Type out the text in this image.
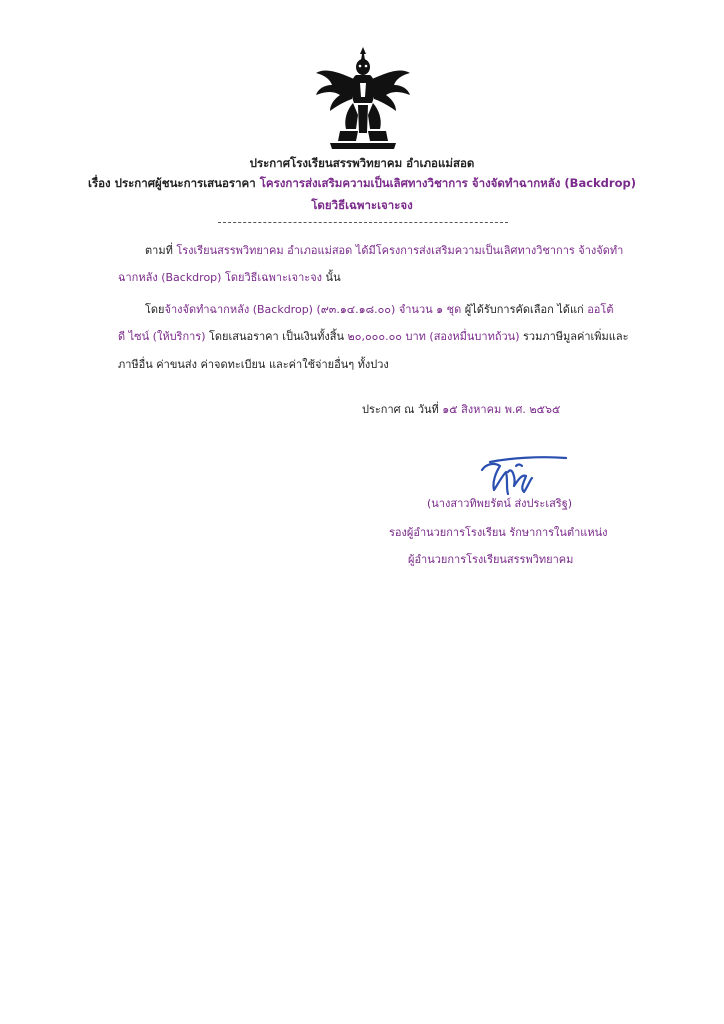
ประกาศโรงเรียนสรรพวิทยาคม อำเภอแม่สอด
เรื่อง ประกาศผู้ชนะการเสนอราคา โครงการส่งเสริมความเป็นเลิศทางวิชาการ จ้างจัดทำฉากหลัง (Backdrop)
โดยวิธีเฉพาะเจาะจง
ตามที่ โรงเรียนสรรพวิทยาคม อำเภอแม่สอด ได้มีโครงการส่งเสริมความเป็นเลิศทางวิชาการ จ้างจัดทำ
ฉากหลัง (Backdrop) โดยวิธีเฉพาะเจาะจง นั้น
โดยจ้างจัดทำฉากหลัง (Backdrop) (๙๓.๑๔.๑๘.๐๐) จำนวน ๑ ชุด ผู้ได้รับการคัดเลือก ได้แก่ ออโต้
ดี ไซน์ (ให้บริการ) โดยเสนอราคา เป็นเงินทั้งสิ้น ๒๐,๐๐๐.๐๐ บาท (สองหมื่นบาทถ้วน) รวมภาษีมูลค่าเพิ่มและ
ภาษีอื่น ค่าขนส่ง ค่าจดทะเบียน และค่าใช้จ่ายอื่นๆ ทั้งปวง
ประกาศ ณ วันที่ ๑๕ สิงหาคม พ.ศ. ๒๕๖๕
(นางสาวทิพยรัตน์ ส่งประเสริฐ)
รองผู้อำนวยการโรงเรียน รักษาการในตำแหน่ง
ผู้อำนวยการโรงเรียนสรรพวิทยาคม
